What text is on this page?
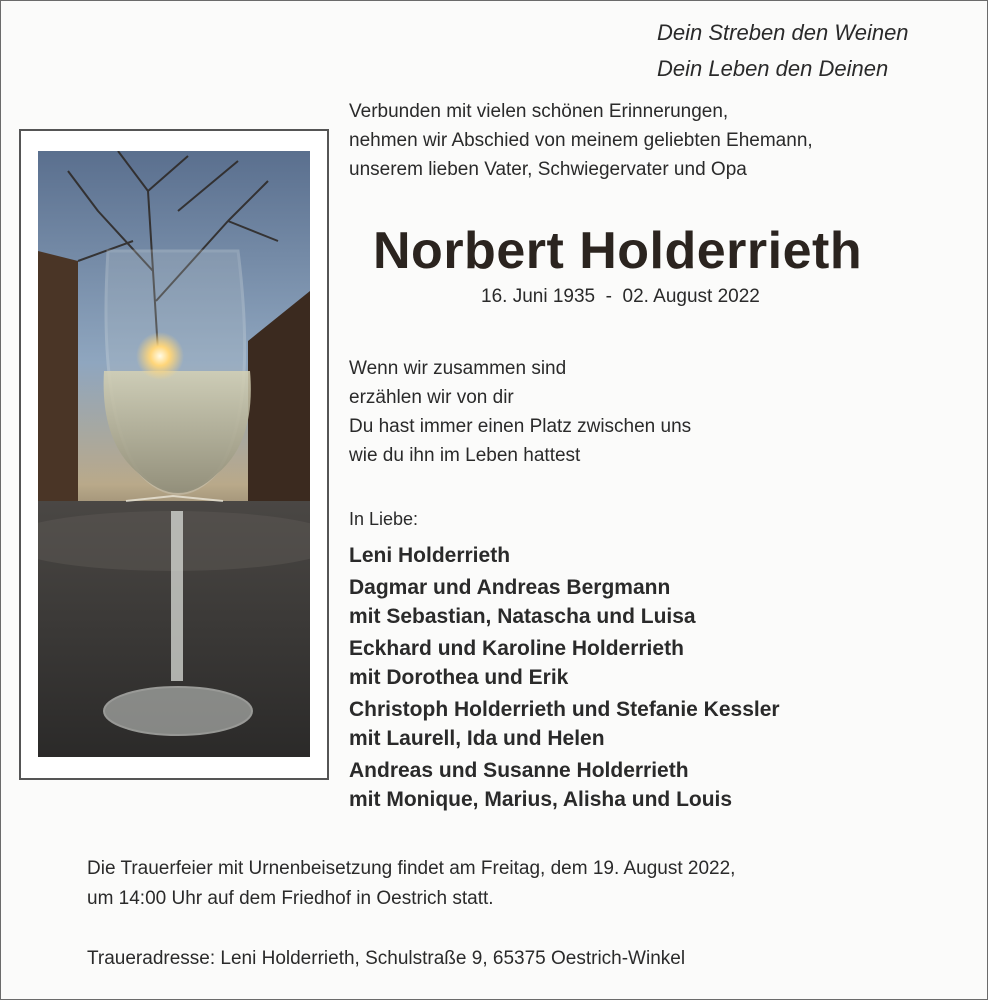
Dein Streben den Weinen
Dein Leben den Deinen
Verbunden mit vielen schönen Erinnerungen,
nehmen wir Abschied von meinem geliebten Ehemann,
unserem lieben Vater, Schwiegervater und Opa
Norbert Holderrieth
16. Juni 1935  -  02. August 2022
Wenn wir zusammen sind
erzählen wir von dir
Du hast immer einen Platz zwischen uns
wie du ihn im Leben hattest
In Liebe:
Leni Holderrieth
Dagmar und Andreas Bergmann
mit Sebastian, Natascha und Luisa
Eckhard und Karoline Holderrieth
mit Dorothea und Erik
Christoph Holderrieth und Stefanie Kessler
mit Laurell, Ida und Helen
Andreas und Susanne Holderrieth
mit Monique, Marius, Alisha und Louis
Die Trauerfeier mit Urnenbeisetzung findet am Freitag, dem 19. August 2022,
um 14:00 Uhr auf dem Friedhof in Oestrich statt.
Traueradresse: Leni Holderrieth, Schulstraße 9, 65375 Oestrich-Winkel
